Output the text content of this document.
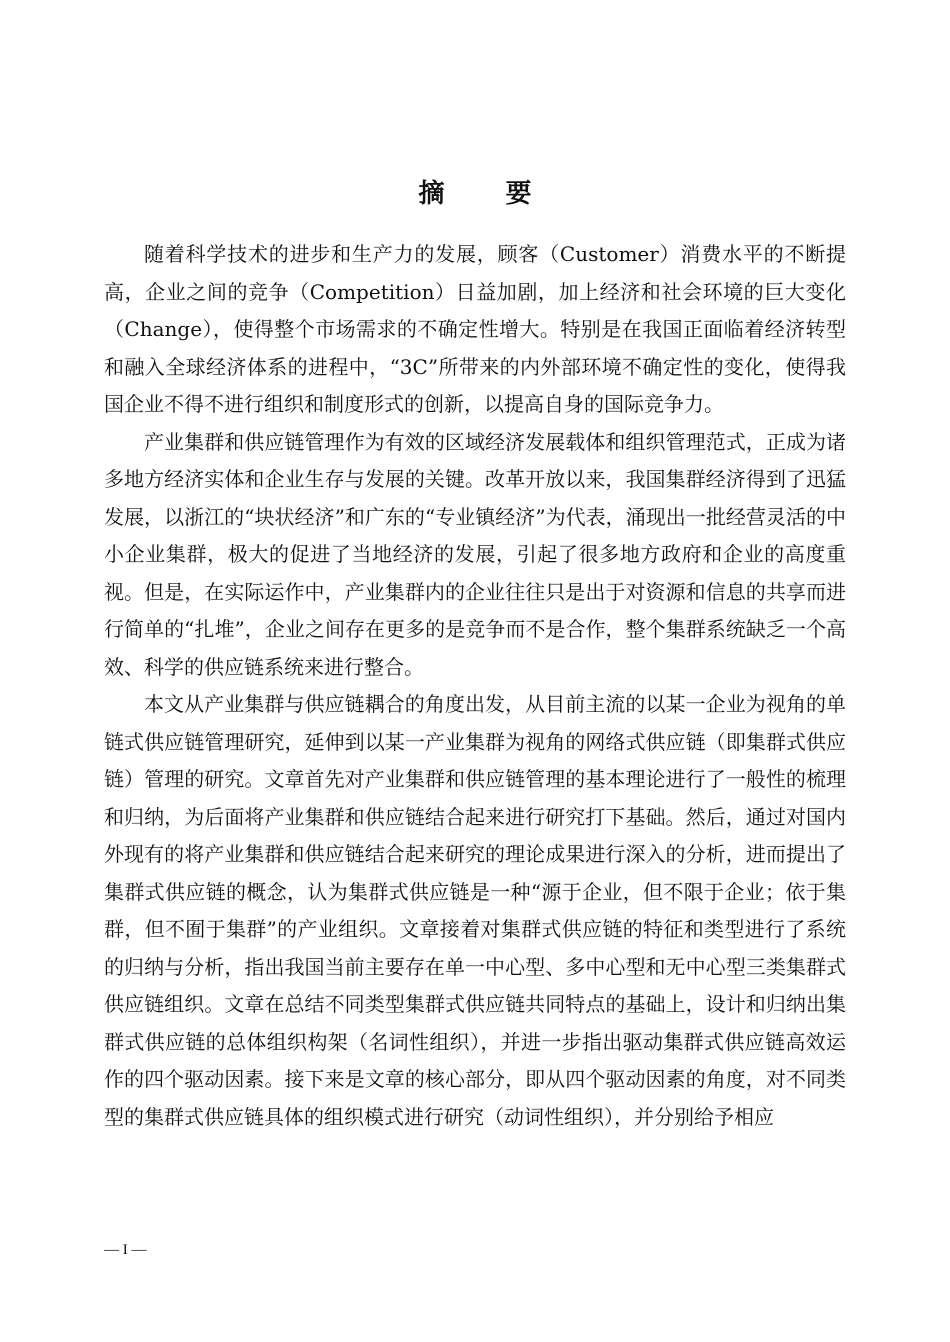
摘 要

随着科学技术的进步和生产力的发展，顾客（Customer）消费水平的不断提高，企业之间的竞争（Competition）日益加剧，加上经济和社会环境的巨大变化（Change），使得整个市场需求的不确定性增大。特别是在我国正面临着经济转型和融入全球经济体系的进程中，“3C”所带来的内外部环境不确定性的变化，使得我国企业不得不进行组织和制度形式的创新，以提高自身的国际竞争力。

产业集群和供应链管理作为有效的区域经济发展载体和组织管理范式，正成为诸多地方经济实体和企业生存与发展的关键。改革开放以来，我国集群经济得到了迅猛发展，以浙江的“块状经济”和广东的“专业镇经济”为代表，涌现出一批经营灵活的中小企业集群，极大的促进了当地经济的发展，引起了很多地方政府和企业的高度重视。但是，在实际运作中，产业集群内的企业往往只是出于对资源和信息的共享而进行简单的“扎堆”，企业之间存在更多的是竞争而不是合作，整个集群系统缺乏一个高效、科学的供应链系统来进行整合。

本文从产业集群与供应链耦合的角度出发，从目前主流的以某一企业为视角的单链式供应链管理研究，延伸到以某一产业集群为视角的网络式供应链（即集群式供应链）管理的研究。文章首先对产业集群和供应链管理的基本理论进行了一般性的梳理和归纳，为后面将产业集群和供应链结合起来进行研究打下基础。然后，通过对国内外现有的将产业集群和供应链结合起来研究的理论成果进行深入的分析，进而提出了集群式供应链的概念，认为集群式供应链是一种“源于企业，但不限于企业；依于集群，但不囿于集群”的产业组织。文章接着对集群式供应链的特征和类型进行了系统的归纳与分析，指出我国当前主要存在单一中心型、多中心型和无中心型三类集群式供应链组织。文章在总结不同类型集群式供应链共同特点的基础上，设计和归纳出集群式供应链的总体组织构架（名词性组织），并进一步指出驱动集群式供应链高效运作的四个驱动因素。接下来是文章的核心部分，即从四个驱动因素的角度，对不同类型的集群式供应链具体的组织模式进行研究（动词性组织），并分别给予相应

— I —
